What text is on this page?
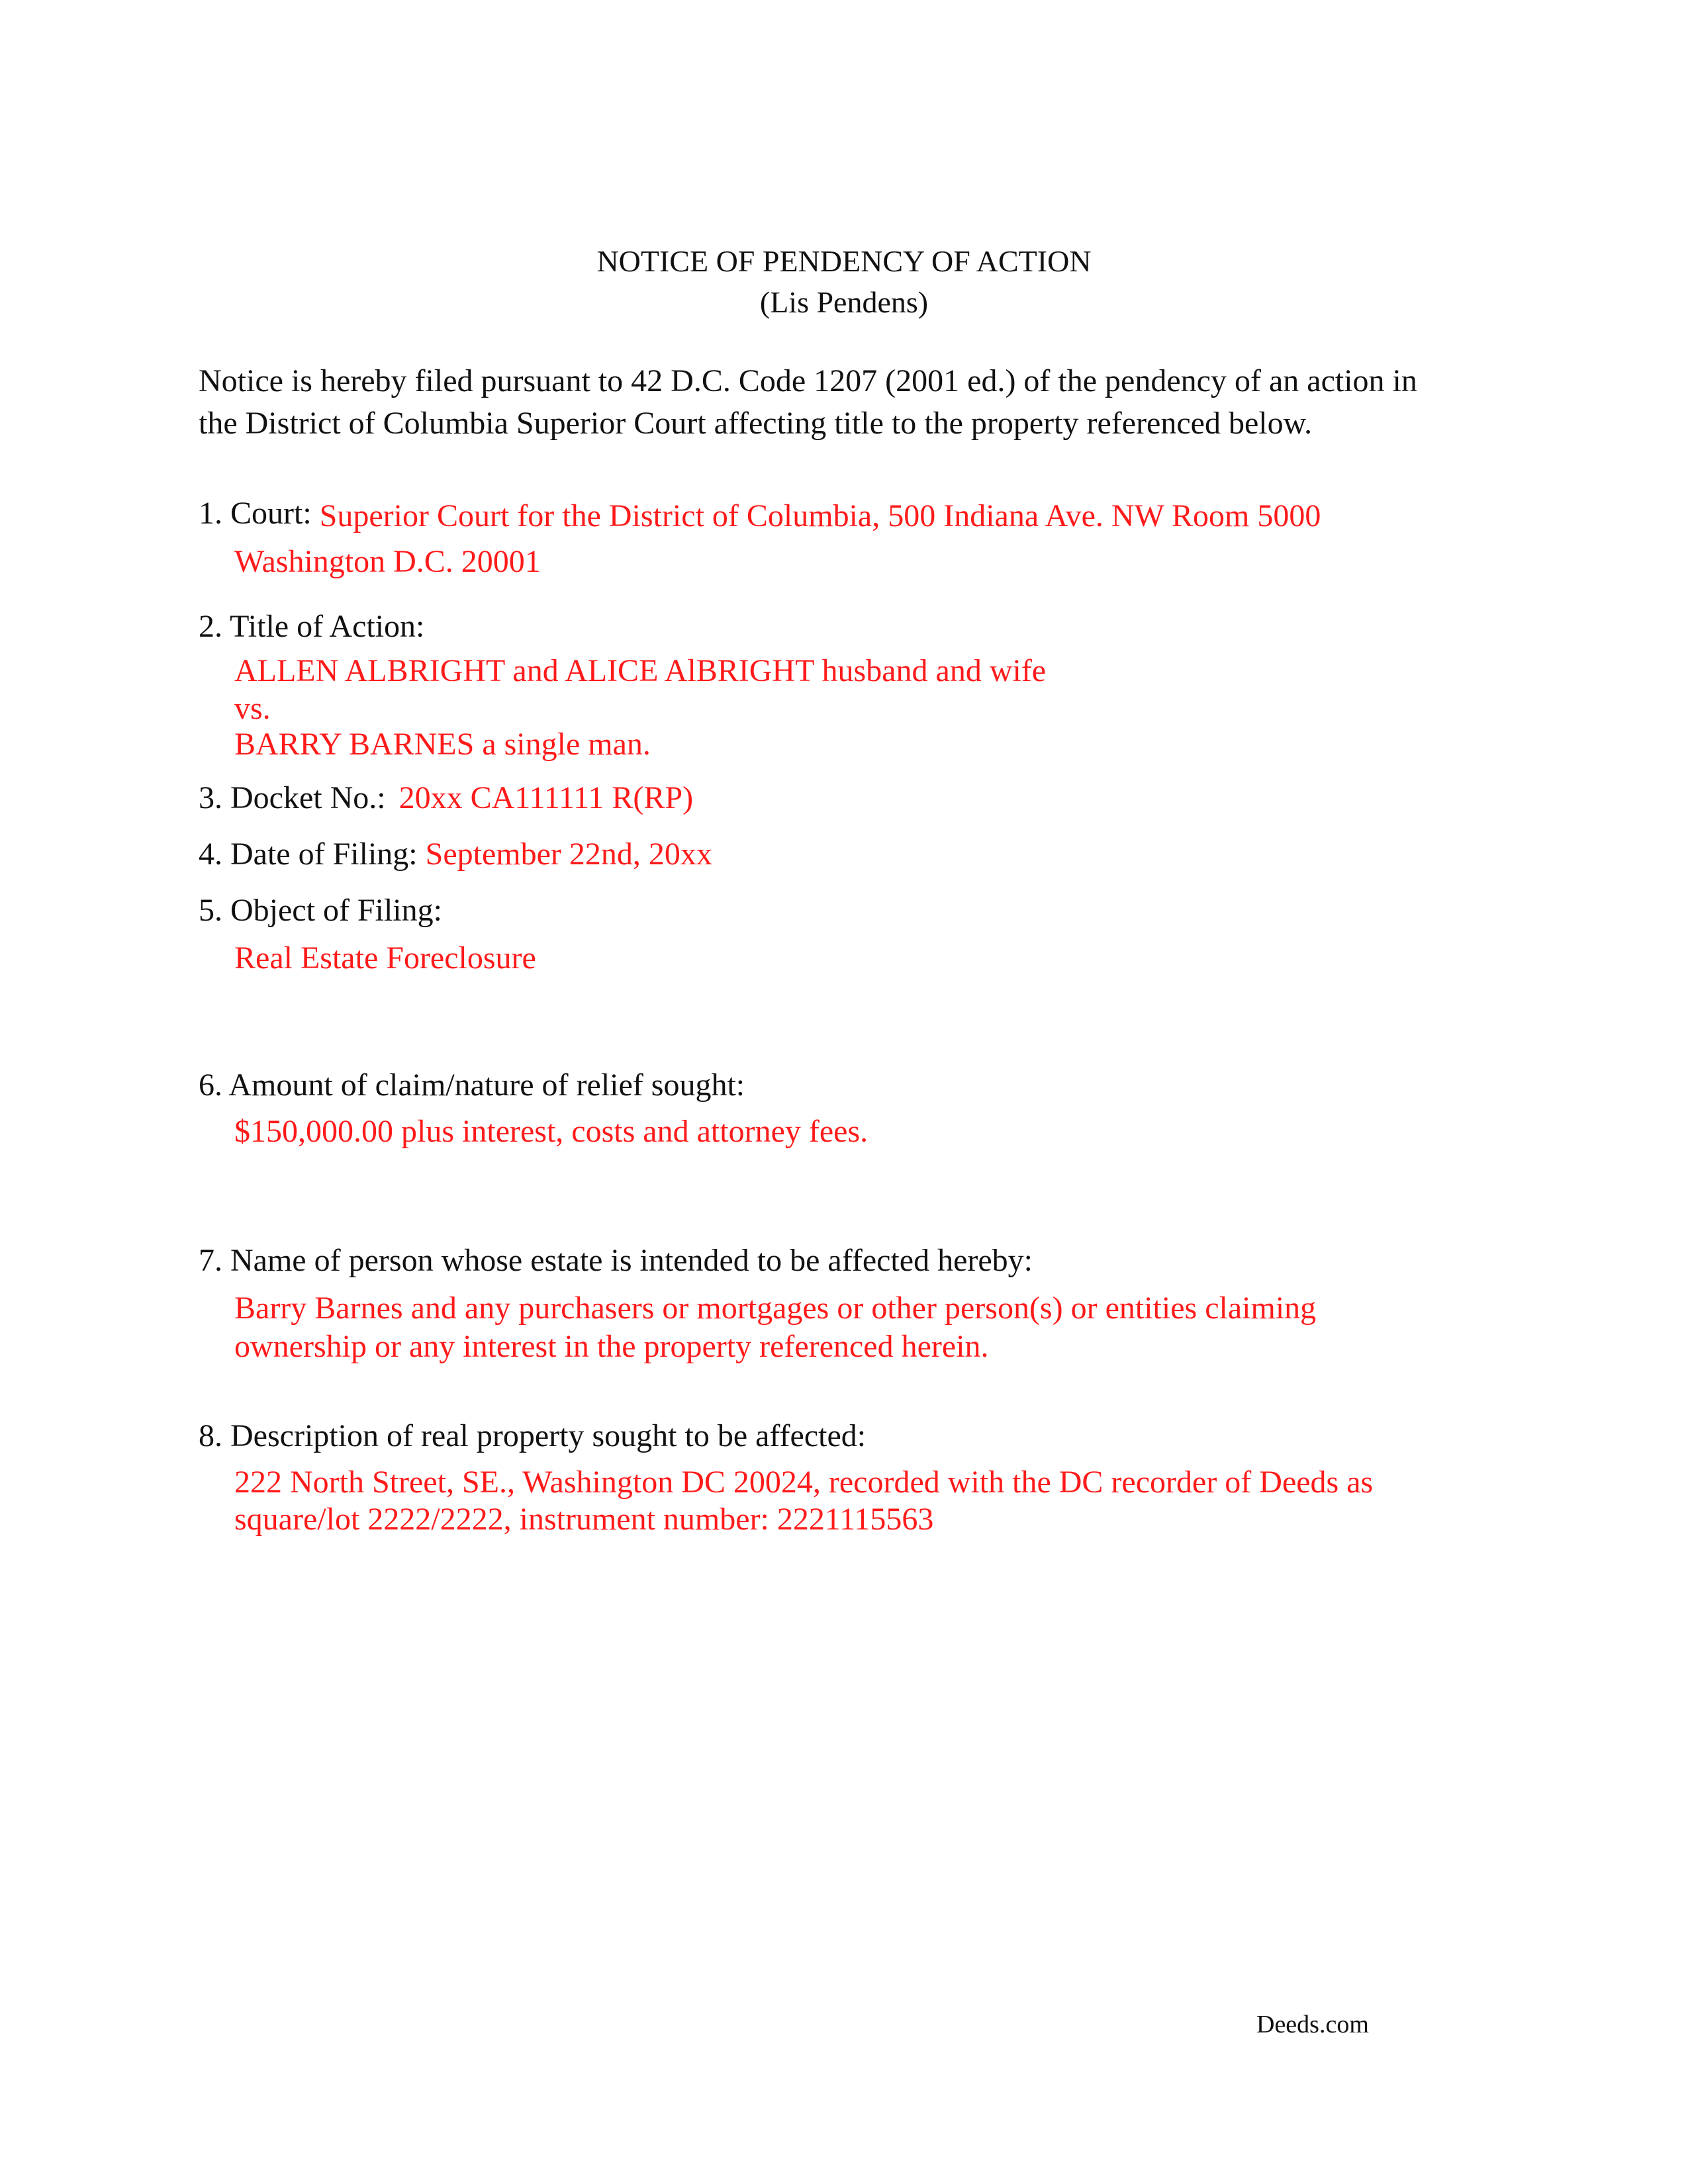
NOTICE OF PENDENCY OF ACTION
(Lis Pendens)
Notice is hereby filed pursuant to 42 D.C. Code 1207 (2001 ed.) of the pendency of an action in
the District of Columbia Superior Court affecting title to the property referenced below.
1. Court: Superior Court for the District of Columbia, 500 Indiana Ave. NW Room 5000
Washington D.C. 20001
2. Title of Action:
ALLEN ALBRIGHT and ALICE AlBRIGHT husband and wife
vs.
BARRY BARNES a single man.
3. Docket No.: 20xx CA111111 R(RP)
4. Date of Filing: September 22nd, 20xx
5. Object of Filing:
Real Estate Foreclosure
6. Amount of claim/nature of relief sought:
$150,000.00 plus interest, costs and attorney fees.
7. Name of person whose estate is intended to be affected hereby:
Barry Barnes and any purchasers or mortgages or other person(s) or entities claiming
ownership or any interest in the property referenced herein.
8. Description of real property sought to be affected:
222 North Street, SE., Washington DC 20024, recorded with the DC recorder of Deeds as
square/lot 2222/2222, instrument number: 2221115563
Deeds.com
